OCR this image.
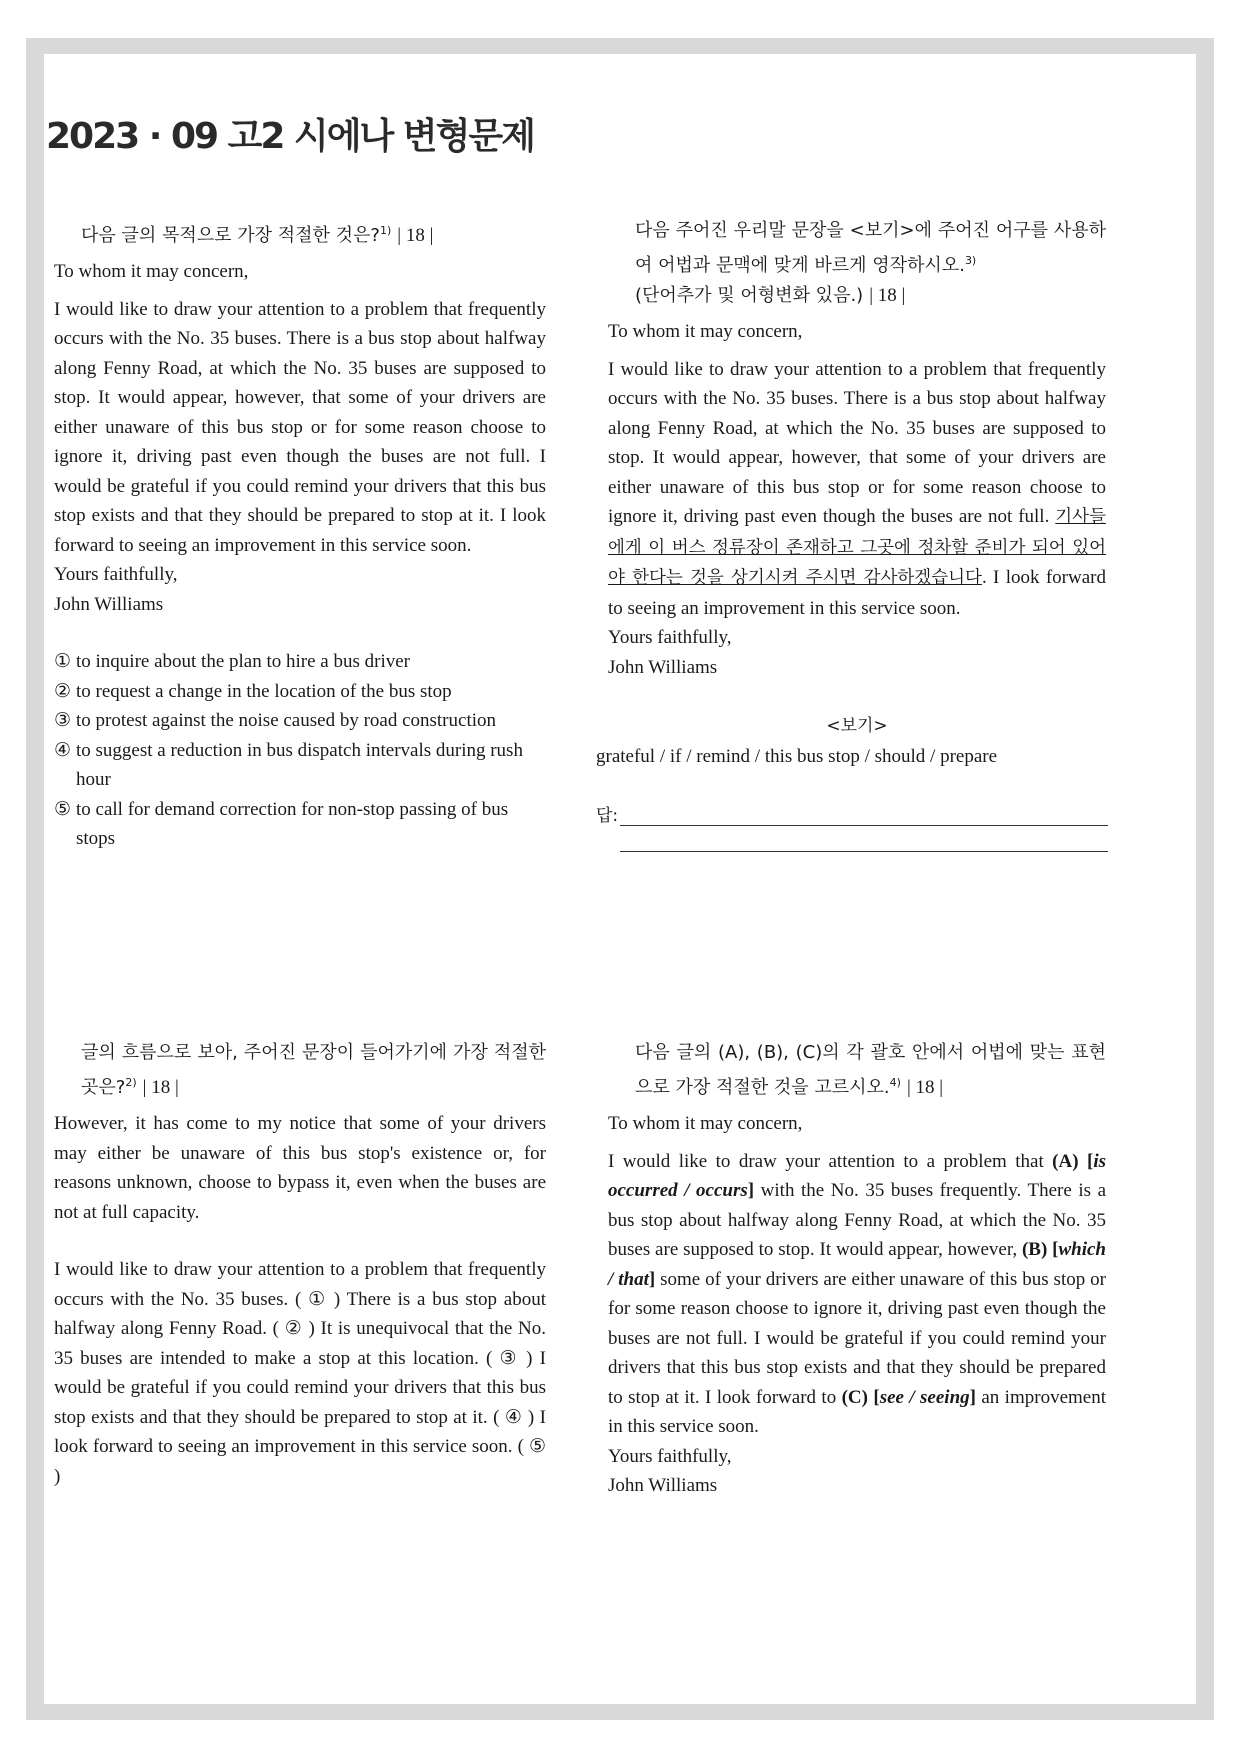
2023 · 09 고2 시에나 변형문제
다음 글의 목적으로 가장 적절한 것은?$^{1)}$ | 18 |

To whom it may concern,

I would like to draw your attention to a problem that frequently occurs with the No. 35 buses. There is a bus stop about halfway along Fenny Road, at which the No. 35 buses are supposed to stop. It would appear, however, that some of your drivers are either unaware of this bus stop or for some reason choose to ignore it, driving past even though the buses are not full. I would be grateful if you could remind your drivers that this bus stop exists and that they should be prepared to stop at it. I look forward to seeing an improvement in this service soon.

Yours faithfully,

John Williams

① to inquire about the plan to hire a bus driver
② to request a change in the location of the bus stop
③ to protest against the noise caused by road construction
④ to suggest a reduction in bus dispatch intervals during rush hour
⑤ to call for demand correction for non-stop passing of bus stops
글의 흐름으로 보아, 주어진 문장이 들어가기에 가장 적절한 곳은?$^{2)}$ | 18 |

However, it has come to my notice that some of your drivers may either be unaware of this bus stop's existence or, for reasons unknown, choose to bypass it, even when the buses are not at full capacity.

I would like to draw your attention to a problem that frequently occurs with the No. 35 buses. ( ① ) There is a bus stop about halfway along Fenny Road. ( ② ) It is unequivocal that the No. 35 buses are intended to make a stop at this location. ( ③ ) I would be grateful if you could remind your drivers that this bus stop exists and that they should be prepared to stop at it. ( ④ ) I look forward to seeing an improvement in this service soon. ( ⑤ )

다음 주어진 우리말 문장을 <보기>에 주어진 어구를 사용하여 어법과 문맥에 맞게 바르게 영작하시오.$^{3)}$
(단어추가 및 어형변화 있음.) | 18 |

To whom it may concern,

I would like to draw your attention to a problem that frequently occurs with the No. 35 buses. There is a bus stop about halfway along Fenny Road, at which the No. 35 buses are supposed to stop. It would appear, however, that some of your drivers are either unaware of this bus stop or for some reason choose to ignore it, driving past even though the buses are not full. 기사들에게 이 버스 정류장이 존재하고 그곳에 정차할 준비가 되어 있어야 한다는 것을 상기시켜 주시면 감사하겠습니다. I look forward to seeing an improvement in this service soon.

Yours faithfully,

John Williams

<보기>

grateful / if / remind / this bus stop / should / prepare

답:
다음 글의 (A), (B), (C)의 각 괄호 안에서 어법에 맞는 표현으로 가장 적절한 것을 고르시오.$^{4)}$ | 18 |

To whom it may concern,

I would like to draw your attention to a problem that (A) [is occurred / occurs] with the No. 35 buses frequently. There is a bus stop about halfway along Fenny Road, at which the No. 35 buses are supposed to stop. It would appear, however, (B) [which / that] some of your drivers are either unaware of this bus stop or for some reason choose to ignore it, driving past even though the buses are not full. I would be grateful if you could remind your drivers that this bus stop exists and that they should be prepared to stop at it. I look forward to (C) [see / seeing] an improvement in this service soon.

Yours faithfully,

John Williams
